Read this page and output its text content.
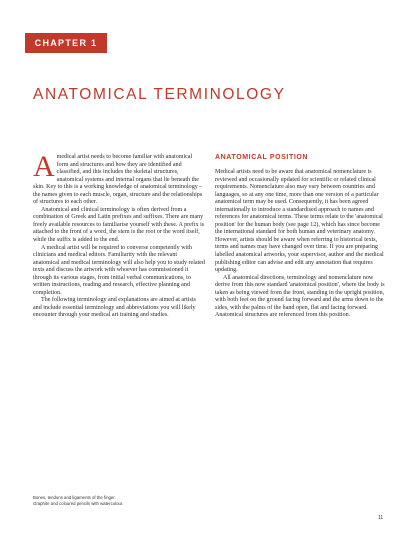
CHAPTER 1
ANATOMICAL TERMINOLOGY

Amedical artist needs to become familiar with anatomical form and structures and how they are identified and classified, and this includes the skeletal structures, anatomical systems and internal organs that lie beneath the skin. Key to this is a working knowledge of anatomical terminology – the names given to each muscle, organ, structure and the relationships of structures to each other.

Anatomical and clinical terminology is often derived from a combination of Greek and Latin prefixes and suffixes. There are many freely available resources to familiarise yourself with these. A prefix is attached to the front of a word, the stem is the root or the word itself, while the suffix is added to the end.

A medical artist will be required to converse competently with clinicians and medical editors. Familiarity with the relevant anatomical and medical terminology will also help you to study related texts and discuss the artwork with whoever has commissioned it through its various stages, from initial verbal communications, to written instructions, reading and research, effective planning and completion.

The following terminology and explanations are aimed at artists and include essential terminology and abbreviations you will likely encounter through your medical art training and studies.

ANATOMICAL POSITION

Medical artists need to be aware that anatomical nomenclature is reviewed and occasionally updated for scientific or related clinical requirements. Nomenclature also may vary between countries and languages, so at any one time, more than one version of a particular anatomical term may be used. Consequently, it has been agreed internationally to introduce a standardised approach to names and references for anatomical terms. These terms relate to the 'anatomical position' for the human body (see page 12), which has since become the international standard for both human and veterinary anatomy. However, artists should be aware when referring to historical texts, terms and names may have changed over time. If you are preparing labelled anatomical artworks, your supervisor, author and the medical publishing editor can advise and edit any annotation that requires updating.

All anatomical directions, terminology and nomenclature now derive from this now standard 'anatomical position', where the body is taken as being viewed from the front, standing in the upright position, with both feet on the ground facing forward and the arms down to the sides, with the palms of the hand open, flat and facing forward. Anatomical structures are referenced from this position.

Bones, tendons and ligaments of the finger.
Graphite and coloured pencils with watercolour.
11
